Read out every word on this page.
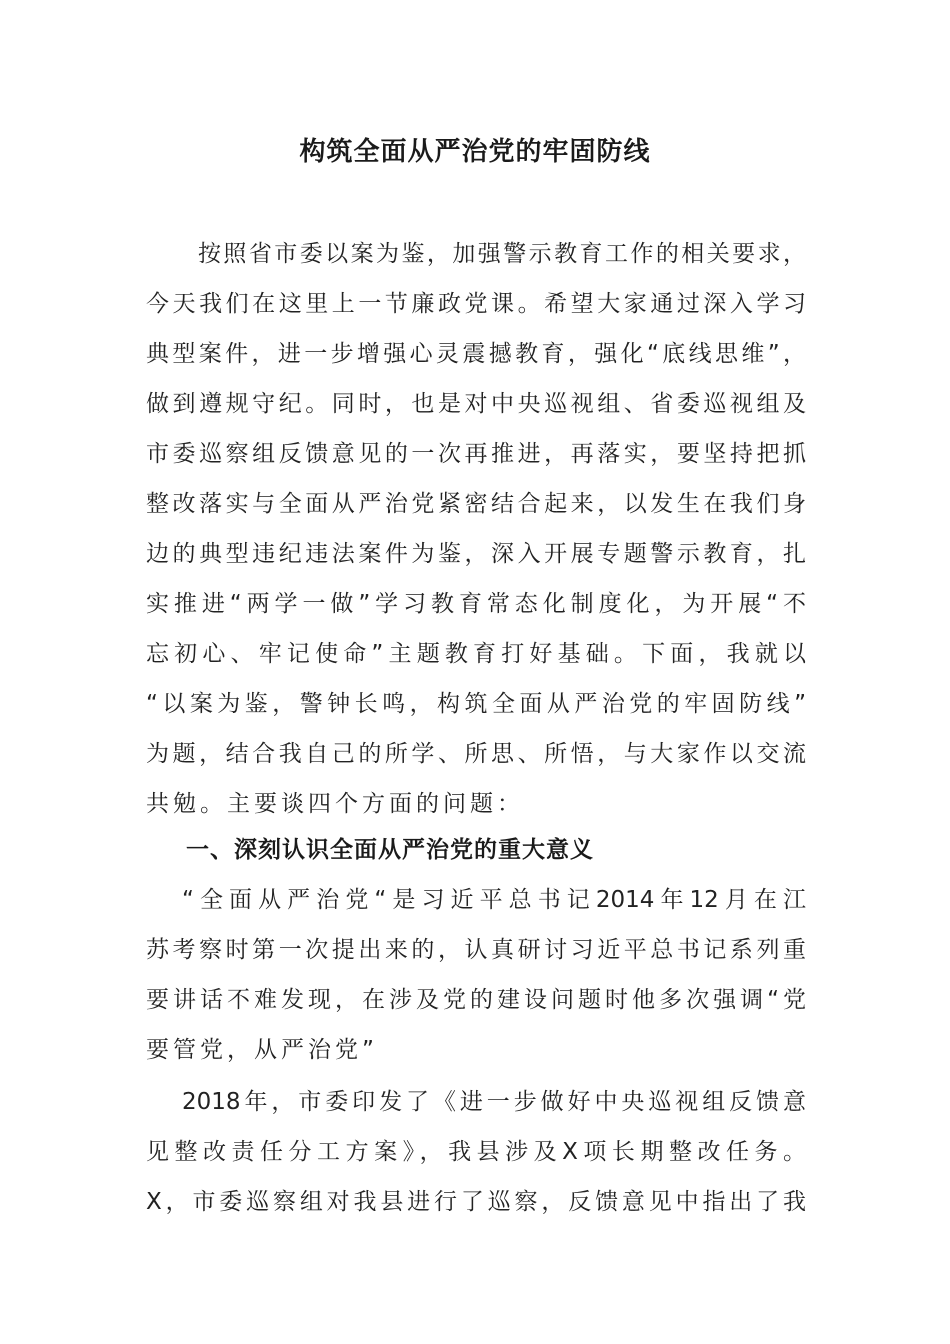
构筑全面从严治党的牢固防线
按照省市委以案为鉴，加强警示教育工作的相关要求，
今天我们在这里上一节廉政党课。希望大家通过深入学习
典型案件，进一步增强心灵震撼教育，强化“底线思维”，
做到遵规守纪。同时，也是对中央巡视组、省委巡视组及
市委巡察组反馈意见的一次再推进，再落实，要坚持把抓
整改落实与全面从严治党紧密结合起来，以发生在我们身
边的典型违纪违法案件为鉴，深入开展专题警示教育，扎
实推进“两学一做”学习教育常态化制度化，为开展“不
忘初心、牢记使命”主题教育打好基础。下面，我就以
“以案为鉴，警钟长鸣，构筑全面从严治党的牢固防线”
为题，结合我自己的所学、所思、所悟，与大家作以交流
共勉。主要谈四个方面的问题：
一、深刻认识全面从严治党的重大意义
“全面从严治党“是习近平总书记2014年12月在江
苏考察时第一次提出来的，认真研讨习近平总书记系列重
要讲话不难发现，在涉及党的建设问题时他多次强调“党
要管党，从严治党”
2018年，市委印发了《进一步做好中央巡视组反馈意
见整改责任分工方案》，我县涉及X项长期整改任务。
X，市委巡察组对我县进行了巡察，反馈意见中指出了我
